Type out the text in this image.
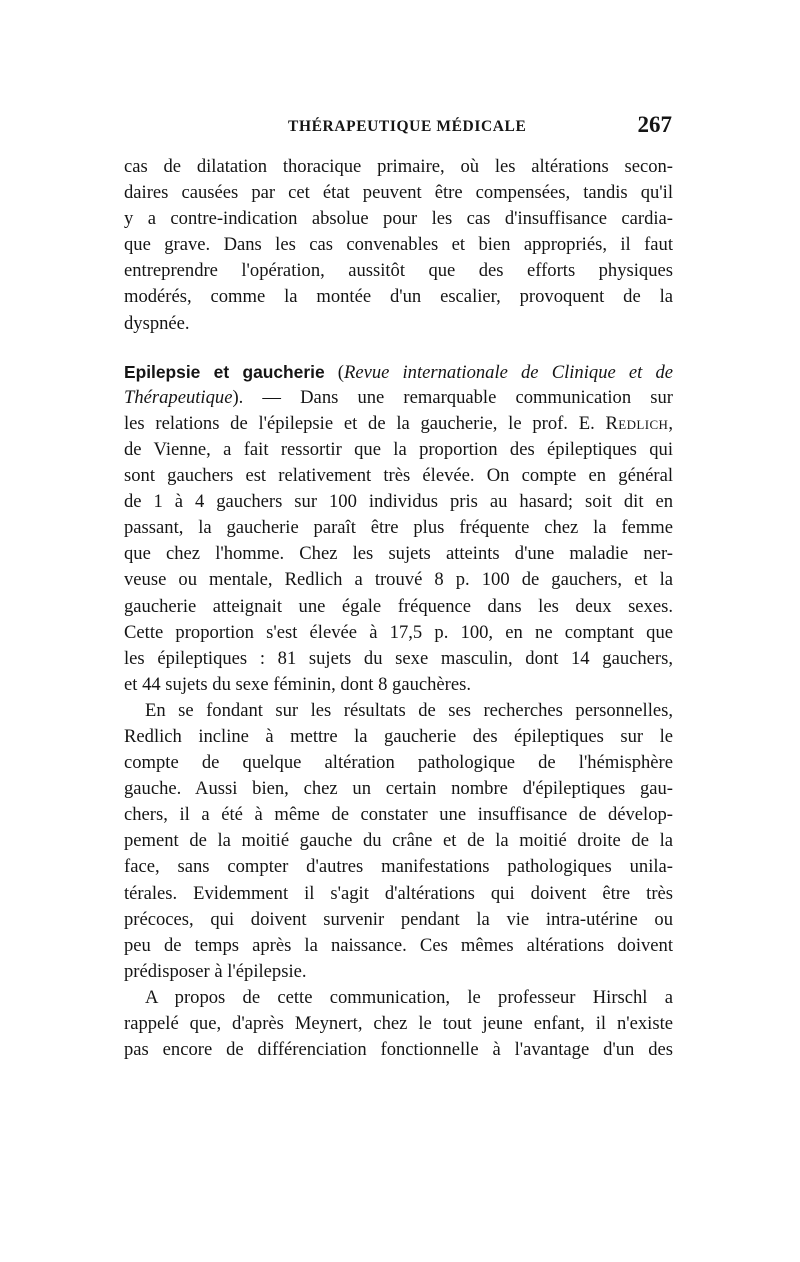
THÉRAPEUTIQUE MÉDICALE	267
cas de dilatation thoracique primaire, où les altérations secon-
daires causées par cet état peuvent être compensées, tandis qu'il
y a contre-indication absolue pour les cas d'insuffisance cardia-
que grave. Dans les cas convenables et bien appropriés, il faut
entreprendre l'opération, aussitôt que des efforts physiques
modérés, comme la montée d'un escalier, provoquent de la
dyspnée.
Epilepsie et gaucherie (Revue internationale de Clinique et de
Thérapeutique). — Dans une remarquable communication sur
les relations de l'épilepsie et de la gaucherie, le prof. E. Redlich,
de Vienne, a fait ressortir que la proportion des épileptiques qui
sont gauchers est relativement très élevée. On compte en général
de 1 à 4 gauchers sur 100 individus pris au hasard; soit dit en
passant, la gaucherie paraît être plus fréquente chez la femme
que chez l'homme. Chez les sujets atteints d'une maladie ner-
veuse ou mentale, Redlich a trouvé 8 p. 100 de gauchers, et la
gaucherie atteignait une égale fréquence dans les deux sexes.
Cette proportion s'est élevée à 17,5 p. 100, en ne comptant que
les épileptiques : 81 sujets du sexe masculin, dont 14 gauchers,
et 44 sujets du sexe féminin, dont 8 gauchères.
En se fondant sur les résultats de ses recherches personnelles,
Redlich incline à mettre la gaucherie des épileptiques sur le
compte de quelque altération pathologique de l'hémisphère
gauche. Aussi bien, chez un certain nombre d'épileptiques gau-
chers, il a été à même de constater une insuffisance de dévelop-
pement de la moitié gauche du crâne et de la moitié droite de la
face, sans compter d'autres manifestations pathologiques unila-
térales. Evidemment il s'agit d'altérations qui doivent être très
précoces, qui doivent survenir pendant la vie intra-utérine ou
peu de temps après la naissance. Ces mêmes altérations doivent
prédisposer à l'épilepsie.
A propos de cette communication, le professeur Hirschl a
rappelé que, d'après Meynert, chez le tout jeune enfant, il n'existe
pas encore de différenciation fonctionnelle à l'avantage d'un des
